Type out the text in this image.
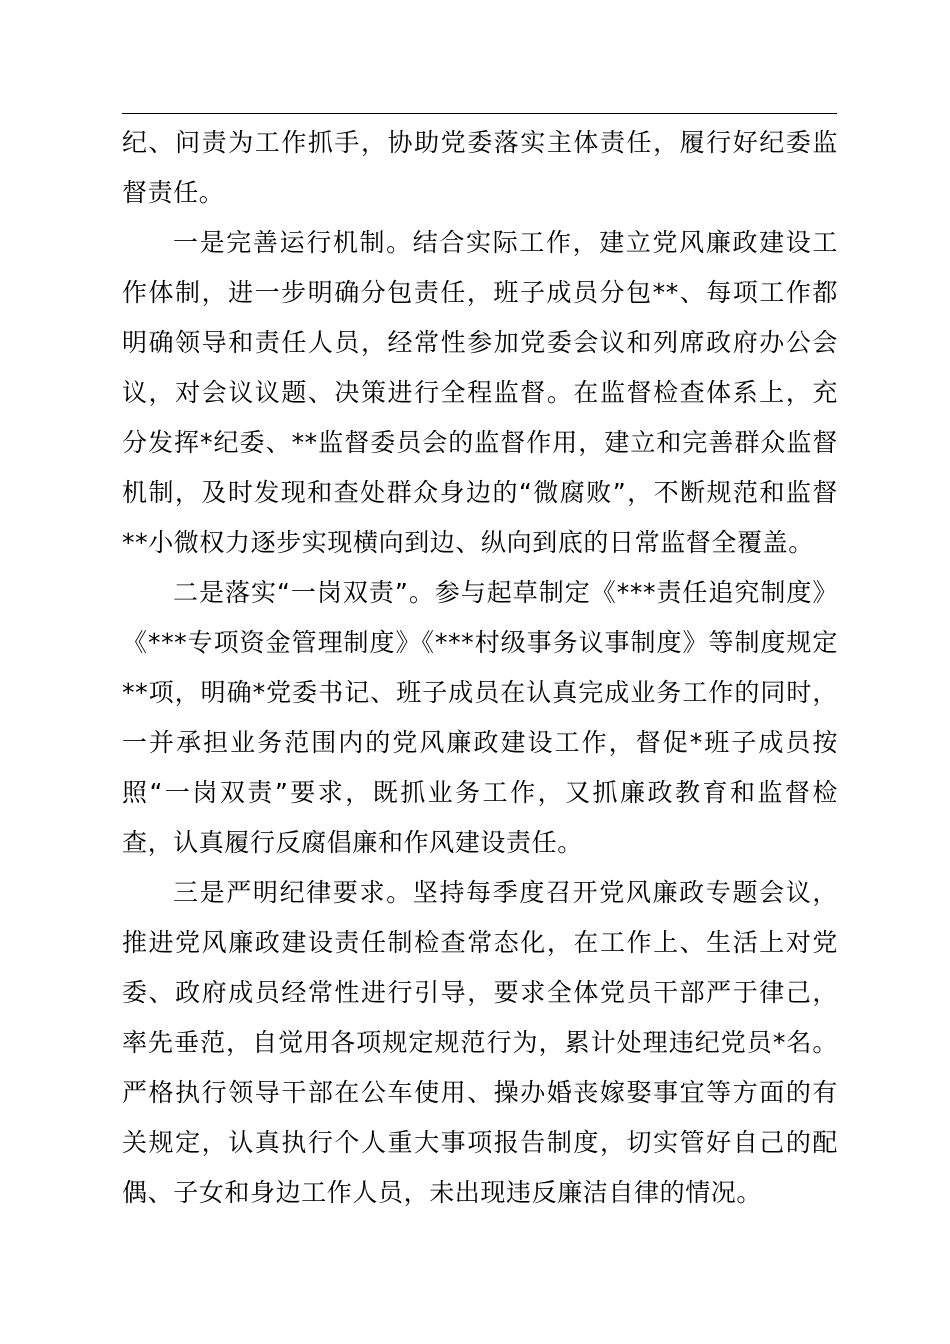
纪、问责为工作抓手，协助党委落实主体责任，履行好纪委监督责任。

一是完善运行机制。结合实际工作，建立党风廉政建设工作体制，进一步明确分包责任，班子成员分包**、每项工作都明确领导和责任人员，经常性参加党委会议和列席政府办公会议，对会议议题、决策进行全程监督。在监督检查体系上，充分发挥*纪委、**监督委员会的监督作用，建立和完善群众监督机制，及时发现和查处群众身边的“微腐败”，不断规范和监督**小微权力逐步实现横向到边、纵向到底的日常监督全覆盖。

二是落实“一岗双责”。参与起草制定《***责任追究制度》《***专项资金管理制度》《***村级事务议事制度》等制度规定**项，明确*党委书记、班子成员在认真完成业务工作的同时，一并承担业务范围内的党风廉政建设工作，督促*班子成员按照“一岗双责”要求，既抓业务工作，又抓廉政教育和监督检查，认真履行反腐倡廉和作风建设责任。

三是严明纪律要求。坚持每季度召开党风廉政专题会议，推进党风廉政建设责任制检查常态化，在工作上、生活上对党委、政府成员经常性进行引导，要求全体党员干部严于律己，率先垂范，自觉用各项规定规范行为，累计处理违纪党员*名。严格执行领导干部在公车使用、操办婚丧嫁娶事宜等方面的有关规定，认真执行个人重大事项报告制度，切实管好自己的配偶、子女和身边工作人员，未出现违反廉洁自律的情况。
